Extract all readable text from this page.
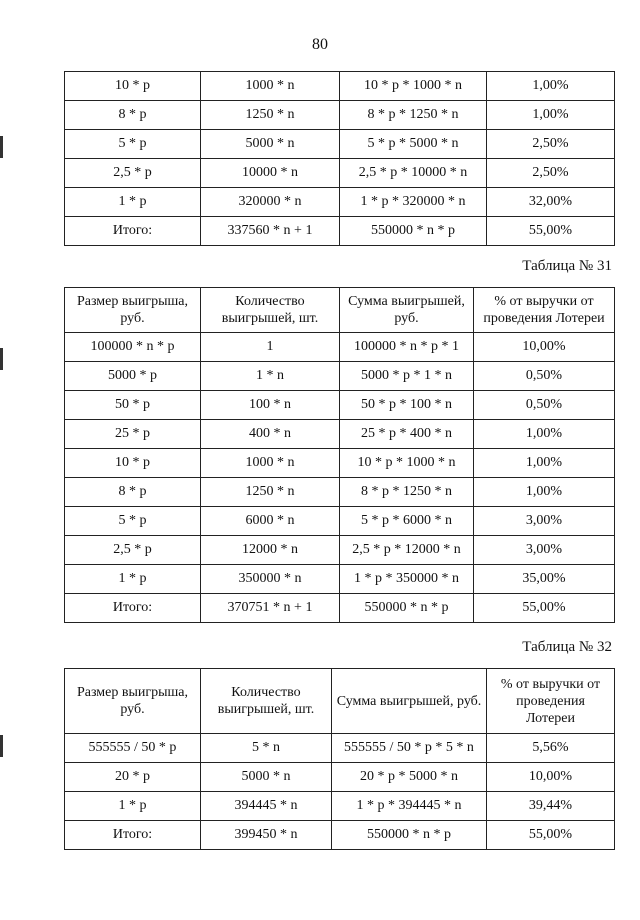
80
10 * p	1000 * n	10 * p * 1000 * n	1,00%
8 * p	1250 * n	8 * p * 1250 * n	1,00%
5 * p	5000 * n	5 * p * 5000 * n	2,50%
2,5 * p	10000 * n	2,5 * p * 10000 * n	2,50%
1 * p	320000 * n	1 * p * 320000 * n	32,00%
Итого:	337560 * n + 1	550000 * n * p	55,00%
Таблица № 31
Размер выигрыша, руб.	Количество выигрышей, шт.	Сумма выигрышей, руб.	% от выручки от проведения Лотереи
100000 * n * p	1	100000 * n * p * 1	10,00%
5000 * p	1 * n	5000 * p * 1 * n	0,50%
50 * p	100 * n	50 * p * 100 * n	0,50%
25 * p	400 * n	25 * p * 400 * n	1,00%
10 * p	1000 * n	10 * p * 1000 * n	1,00%
8 * p	1250 * n	8 * p * 1250 * n	1,00%
5 * p	6000 * n	5 * p * 6000 * n	3,00%
2,5 * p	12000 * n	2,5 * p * 12000 * n	3,00%
1 * p	350000 * n	1 * p * 350000 * n	35,00%
Итого:	370751 * n + 1	550000 * n * p	55,00%
Таблица № 32
Размер выигрыша, руб.	Количество выигрышей, шт.	Сумма выигрышей, руб.	% от выручки от проведения Лотереи
555555 / 50 * p	5 * n	555555 / 50 * p * 5 * n	5,56%
20 * p	5000 * n	20 * p * 5000 * n	10,00%
1 * p	394445 * n	1 * p * 394445 * n	39,44%
Итого:	399450 * n	550000 * n * p	55,00%
